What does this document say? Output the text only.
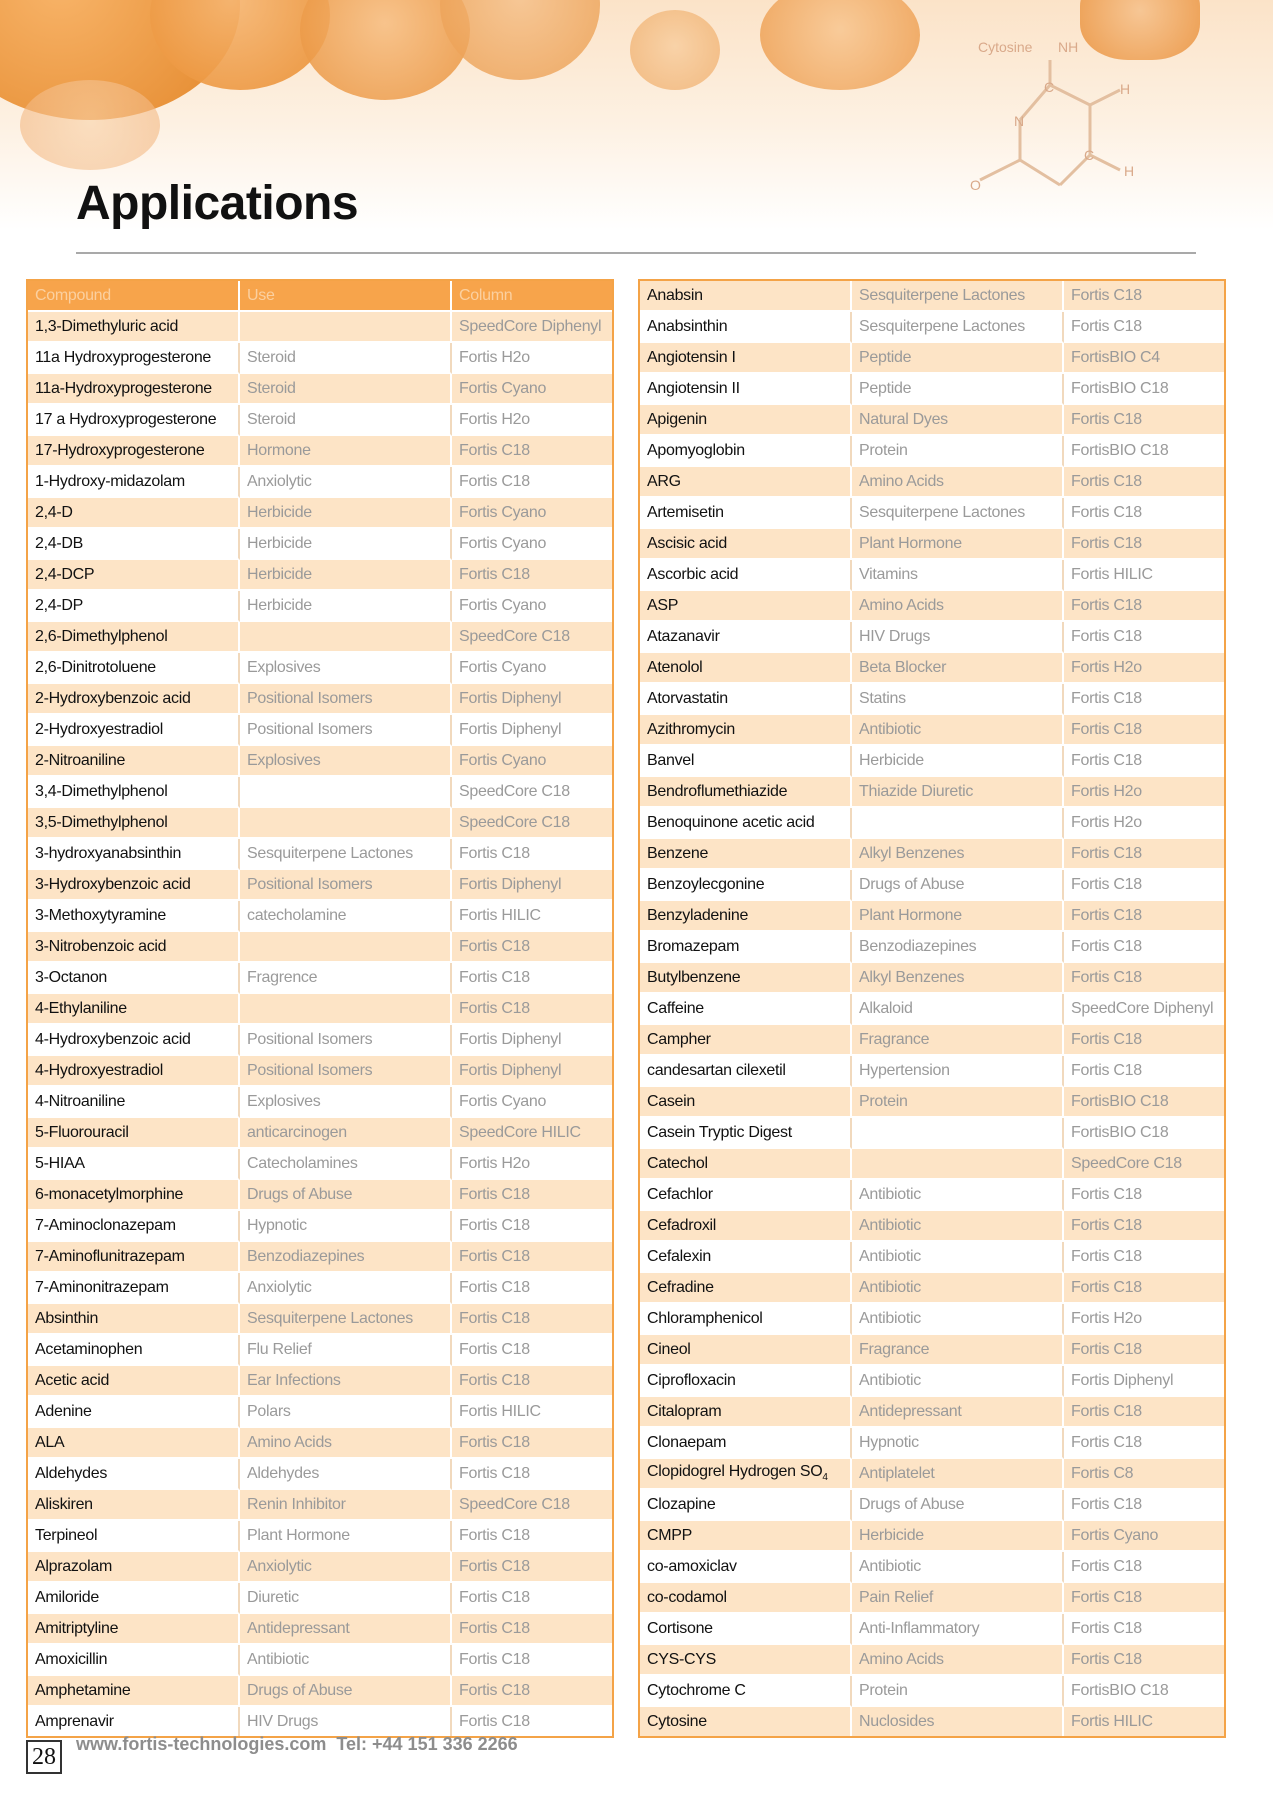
Cytosine NH
C	H
N
C
O
H
Applications
Compound	Use	Column
1,3-Dimethyluric acid		SpeedCore Diphenyl
11a Hydroxyprogesterone	Steroid	Fortis H2o
11a-Hydroxyprogesterone	Steroid	Fortis Cyano
17 a Hydroxyprogesterone	Steroid	Fortis H2o
17-Hydroxyprogesterone	Hormone	Fortis C18
1-Hydroxy-midazolam	Anxiolytic	Fortis C18
2,4-D	Herbicide	Fortis Cyano
2,4-DB	Herbicide	Fortis Cyano
2,4-DCP	Herbicide	Fortis C18
2,4-DP	Herbicide	Fortis Cyano
2,6-Dimethylphenol		SpeedCore C18
2,6-Dinitrotoluene	Explosives	Fortis Cyano
2-Hydroxybenzoic acid	Positional Isomers	Fortis Diphenyl
2-Hydroxyestradiol	Positional Isomers	Fortis Diphenyl
2-Nitroaniline	Explosives	Fortis Cyano
3,4-Dimethylphenol		SpeedCore C18
3,5-Dimethylphenol		SpeedCore C18
3-hydroxyanabsinthin	Sesquiterpene Lactones	Fortis C18
3-Hydroxybenzoic acid	Positional Isomers	Fortis Diphenyl
3-Methoxytyramine	catecholamine	Fortis HILIC
3-Nitrobenzoic acid		Fortis C18
3-Octanon	Fragrence	Fortis C18
4-Ethylaniline		Fortis C18
4-Hydroxybenzoic acid	Positional Isomers	Fortis Diphenyl
4-Hydroxyestradiol	Positional Isomers	Fortis Diphenyl
4-Nitroaniline	Explosives	Fortis Cyano
5-Fluorouracil	anticarcinogen	SpeedCore HILIC
5-HIAA	Catecholamines	Fortis H2o
6-monacetylmorphine	Drugs of Abuse	Fortis C18
7-Aminoclonazepam	Hypnotic	Fortis C18
7-Aminoflunitrazepam	Benzodiazepines	Fortis C18
7-Aminonitrazepam	Anxiolytic	Fortis C18
Absinthin	Sesquiterpene Lactones	Fortis C18
Acetaminophen	Flu Relief	Fortis C18
Acetic acid	Ear Infections	Fortis C18
Adenine	Polars	Fortis HILIC
ALA	Amino Acids	Fortis C18
Aldehydes	Aldehydes	Fortis C18
Aliskiren	Renin Inhibitor	SpeedCore C18
Terpineol	Plant Hormone	Fortis C18
Alprazolam	Anxiolytic	Fortis C18
Amiloride	Diuretic	Fortis C18
Amitriptyline	Antidepressant	Fortis C18
Amoxicillin	Antibiotic	Fortis C18
Amphetamine	Drugs of Abuse	Fortis C18
Amprenavir	HIV Drugs	Fortis C18
Anabsin	Sesquiterpene Lactones	Fortis C18
Anabsinthin	Sesquiterpene Lactones	Fortis C18
Angiotensin I	Peptide	FortisBIO C4
Angiotensin II	Peptide	FortisBIO C18
Apigenin	Natural Dyes	Fortis C18
Apomyoglobin	Protein	FortisBIO C18
ARG	Amino Acids	Fortis C18
Artemisetin	Sesquiterpene Lactones	Fortis C18
Ascisic acid	Plant Hormone	Fortis C18
Ascorbic acid	Vitamins	Fortis HILIC
ASP	Amino Acids	Fortis C18
Atazanavir	HIV Drugs	Fortis C18
Atenolol	Beta Blocker	Fortis H2o
Atorvastatin	Statins	Fortis C18
Azithromycin	Antibiotic	Fortis C18
Banvel	Herbicide	Fortis C18
Bendroflumethiazide	Thiazide Diuretic	Fortis H2o
Benoquinone acetic acid		Fortis H2o
Benzene	Alkyl Benzenes	Fortis C18
Benzoylecgonine	Drugs of Abuse	Fortis C18
Benzyladenine	Plant Hormone	Fortis C18
Bromazepam	Benzodiazepines	Fortis C18
Butylbenzene	Alkyl Benzenes	Fortis C18
Caffeine	Alkaloid	SpeedCore Diphenyl
Campher	Fragrance	Fortis C18
candesartan cilexetil	Hypertension	Fortis C18
Casein	Protein	FortisBIO C18
Casein Tryptic Digest		FortisBIO C18
Catechol		SpeedCore C18
Cefachlor	Antibiotic	Fortis C18
Cefadroxil	Antibiotic	Fortis C18
Cefalexin	Antibiotic	Fortis C18
Cefradine	Antibiotic	Fortis C18
Chloramphenicol	Antibiotic	Fortis H2o
Cineol	Fragrance	Fortis C18
Ciprofloxacin	Antibiotic	Fortis Diphenyl
Citalopram	Antidepressant	Fortis C18
Clonaepam	Hypnotic	Fortis C18
Clopidogrel Hydrogen $SO_4$	Antiplatelet	Fortis C8
Clozapine	Drugs of Abuse	Fortis C18
CMPP	Herbicide	Fortis Cyano
co-amoxiclav	Antibiotic	Fortis C18
co-codamol	Pain Relief	Fortis C18
Cortisone	Anti-Inflammatory	Fortis C18
CYS-CYS	Amino Acids	Fortis C18
Cytochrome C	Protein	FortisBIO C18
Cytosine	Nuclosides	Fortis HILIC
28	www.fortis-technologies.com  Tel: +44 151 336 2266
